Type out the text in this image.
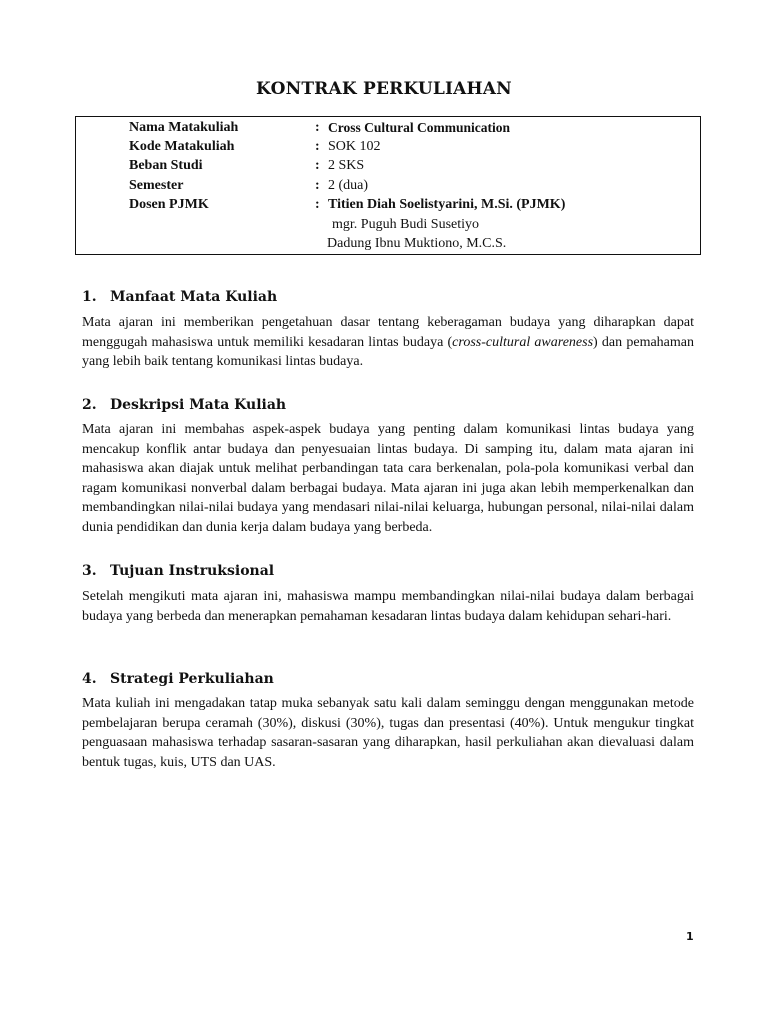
KONTRAK PERKULIAHAN
Nama Matakuliah	: Cross Cultural Communication
Kode Matakuliah	: SOK 102
Beban Studi	: 2 SKS
Semester	: 2 (dua)
Dosen PJMK	: Titien Diah Soelistyarini, M.Si. (PJMK)
mgr. Puguh Budi Susetiyo
Dadung Ibnu Muktiono, M.C.S.
1. Manfaat Mata Kuliah
Mata ajaran ini memberikan pengetahuan dasar tentang keberagaman budaya yang diharapkan dapat menggugah mahasiswa untuk memiliki kesadaran lintas budaya (cross-cultural awareness) dan pemahaman yang lebih baik tentang komunikasi lintas budaya.
2. Deskripsi Mata Kuliah
Mata ajaran ini membahas aspek-aspek budaya yang penting dalam komunikasi lintas budaya yang mencakup konflik antar budaya dan penyesuaian lintas budaya. Di samping itu, dalam mata ajaran ini mahasiswa akan diajak untuk melihat perbandingan tata cara berkenalan, pola-pola komunikasi verbal dan ragam komunikasi nonverbal dalam berbagai budaya. Mata ajaran ini juga akan lebih memperkenalkan dan membandingkan nilai-nilai budaya yang mendasari nilai-nilai keluarga, hubungan personal, nilai-nilai dalam dunia pendidikan dan dunia kerja dalam budaya yang berbeda.
3. Tujuan Instruksional
Setelah mengikuti mata ajaran ini, mahasiswa mampu membandingkan nilai-nilai budaya dalam berbagai budaya yang berbeda dan menerapkan pemahaman kesadaran lintas budaya dalam kehidupan sehari-hari.
4. Strategi Perkuliahan
Mata kuliah ini mengadakan tatap muka sebanyak satu kali dalam seminggu dengan menggunakan metode pembelajaran berupa ceramah (30%), diskusi (30%), tugas dan presentasi (40%). Untuk mengukur tingkat penguasaan mahasiswa terhadap sasaran-sasaran yang diharapkan, hasil perkuliahan akan dievaluasi dalam bentuk tugas, kuis, UTS dan UAS.
1
